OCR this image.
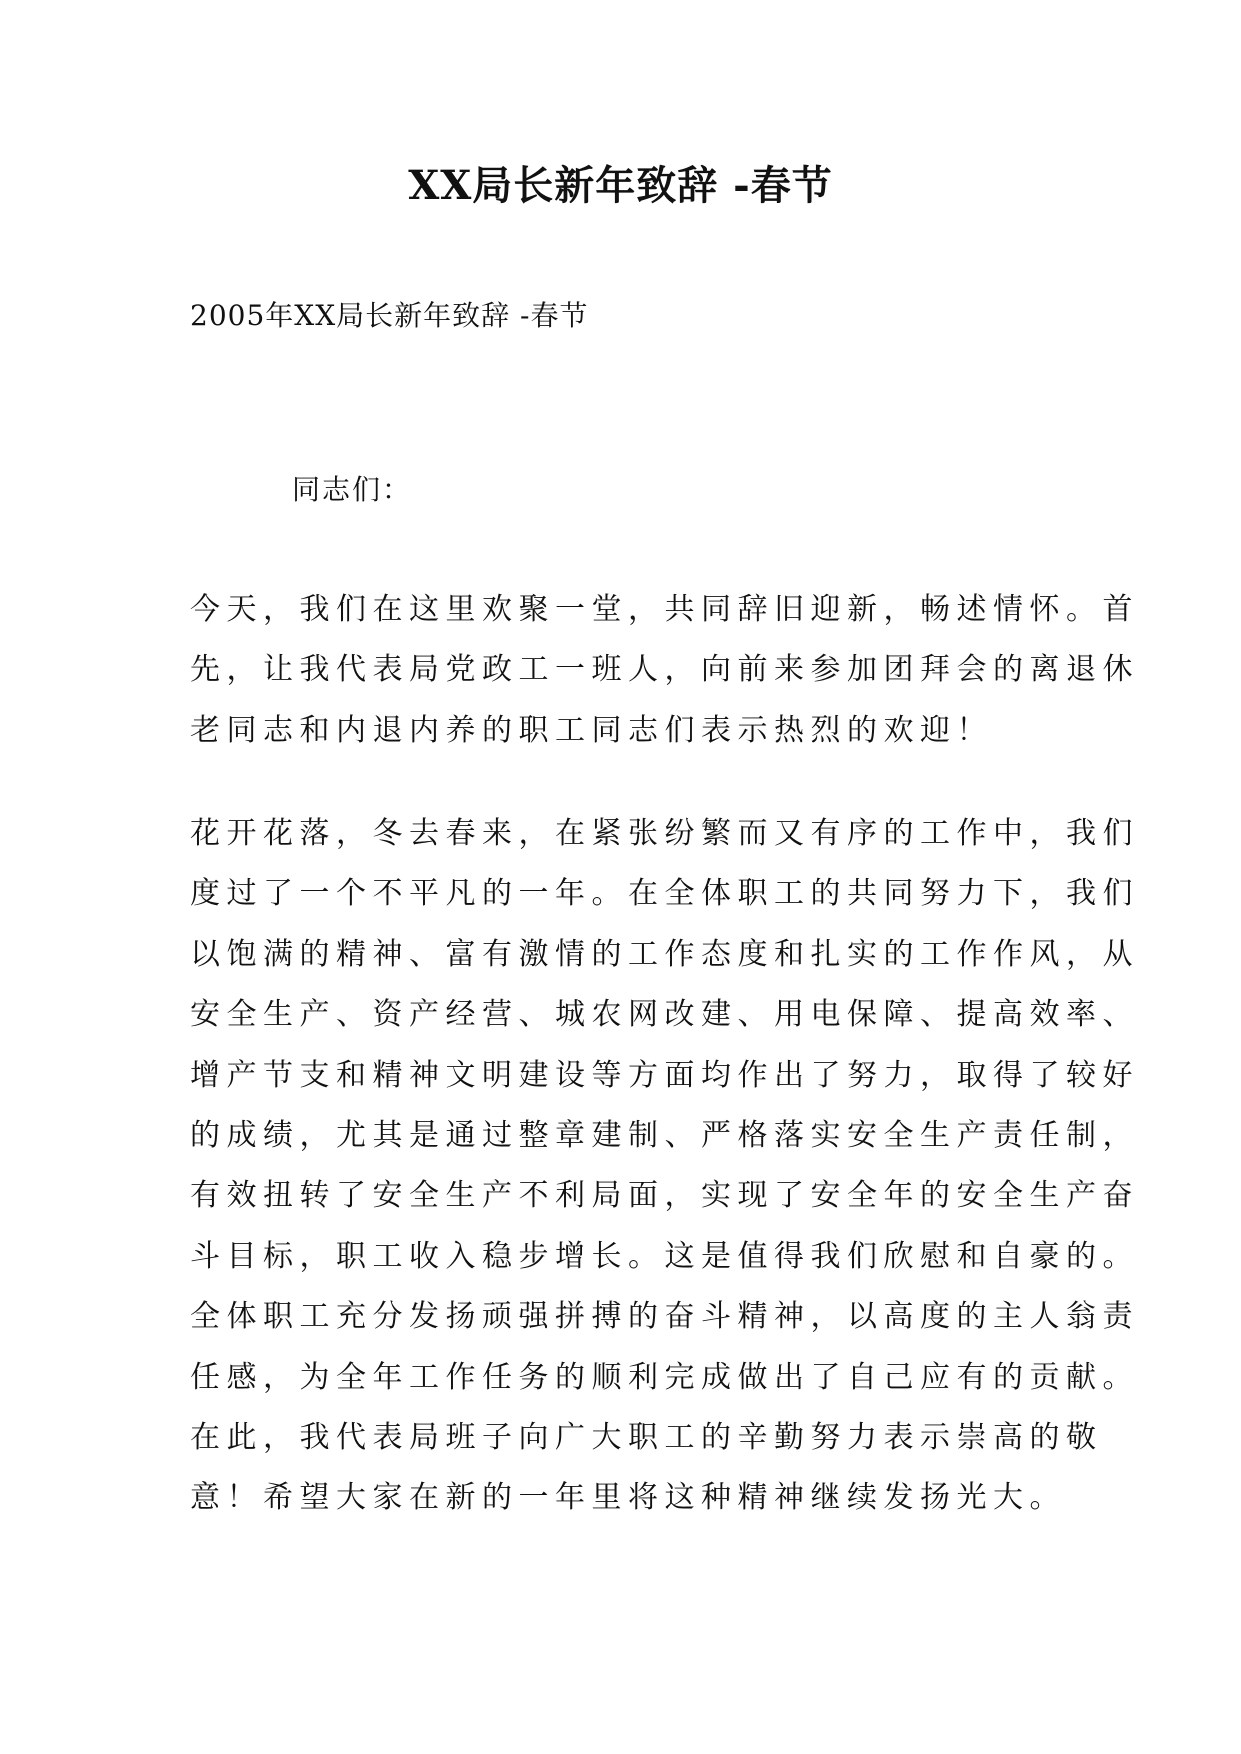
XX局长新年致辞 -春节

2005年XX局长新年致辞 -春节

同志们：

今天，我们在这里欢聚一堂，共同辞旧迎新，畅述情怀。首
先，让我代表局党政工一班人，向前来参加团拜会的离退休
老同志和内退内养的职工同志们表示热烈的欢迎！
花开花落，冬去春来，在紧张纷繁而又有序的工作中，我们
度过了一个不平凡的一年。在全体职工的共同努力下，我们
以饱满的精神、富有激情的工作态度和扎实的工作作风，从
安全生产、资产经营、城农网改建、用电保障、提高效率、
增产节支和精神文明建设等方面均作出了努力，取得了较好
的成绩，尤其是通过整章建制、严格落实安全生产责任制，
有效扭转了安全生产不利局面，实现了安全年的安全生产奋
斗目标，职工收入稳步增长。这是值得我们欣慰和自豪的。
全体职工充分发扬顽强拼搏的奋斗精神，以高度的主人翁责
任感，为全年工作任务的顺利完成做出了自己应有的贡献。
在此，我代表局班子向广大职工的辛勤努力表示崇高的敬
意！希望大家在新的一年里将这种精神继续发扬光大。
